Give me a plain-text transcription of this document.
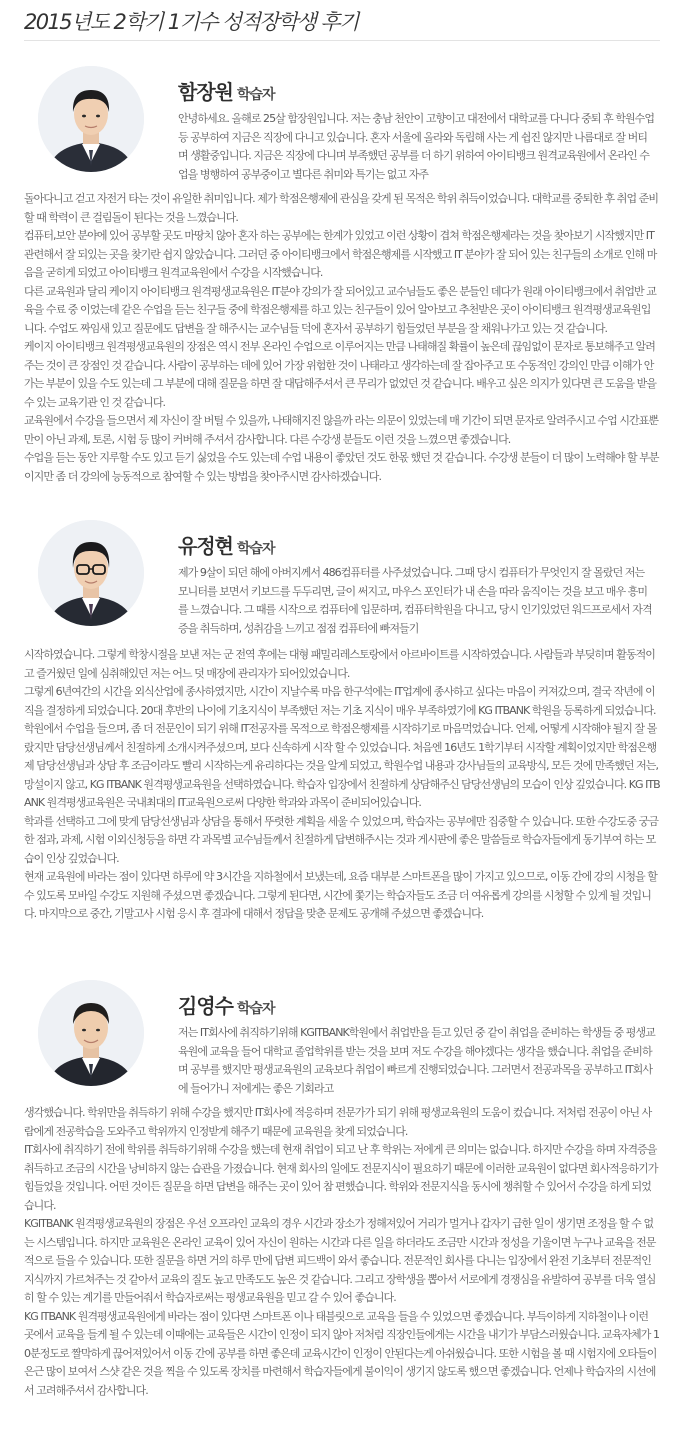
2015년도 2학기 1기수 성적장학생 후기

함장원 학습자

안녕하세요. 올해로 25살 함장원입니다. 저는 충남 천안이 고향이고 대전에서 대학교를 다니다 중퇴 후 학원수업 등 공부하여 지금은 직장에 다니고 있습니다. 혼자 서울에 올라와 독립해 사는 게 쉽진 않지만 나름대로 잘 버티며 생활중입니다. 지금은 직장에 다니며 부족했던 공부를 더 하기 위하여 아이티뱅크 원격교육원에서 온라인 수업을 병행하여 공부중이고 별다른 취미와 특기는 없고 자주

돌아다니고 걷고 자전거 타는 것이 유일한 취미입니다. 제가 학점은행제에 관심을 갖게 된 목적은 학위 취득이었습니다. 대학교를 중퇴한 후 취업 준비할 때 학력이 큰 걸림돌이 된다는 것을 느꼈습니다.
컴퓨터,보안 분야에 있어 공부할 곳도 마땅치 않아 혼자 하는 공부에는 한계가 있었고 이런 상황이 겹쳐 학점은행제라는 것을 찾아보기 시작했지만 IT 관련해서 잘 되있는 곳을 찾기란 쉽지 않았습니다. 그러던 중 아이티뱅크에서 학점은행제를 시작했고 IT 분야가 잘 되어 있는 친구들의 소개로 인해 마음을 굳히게 되었고 아이티뱅크 원격교육원에서 수강을 시작했습니다.
다른 교육원과 달리 케이지 아이티뱅크 원격평생교육원은 IT분야 강의가 잘 되어있고 교수님들도 좋은 분들인 데다가 원래 아이티뱅크에서 취업반 교육을 수료 중 이었는데 같은 수업을 듣는 친구들 중에 학점은행제를 하고 있는 친구들이 있어 알아보고 추천받은 곳이 아이티뱅크 원격평생교육원입니다. 수업도 짜임새 있고 질문에도 답변을 잘 해주시는 교수님들 덕에 혼자서 공부하기 힘들었던 부분을 잘 채워나가고 있는 것 같습니다.
케이지 아이티뱅크 원격평생교육원의 장점은 역시 전부 온라인 수업으로 이루어지는 만큼 나태해질 확률이 높은데 끊임없이 문자로 통보해주고 알려주는 것이 큰 장점인 것 같습니다. 사람이 공부하는 데에 있어 가장 위험한 것이 나태라고 생각하는데 잘 잡아주고 또 수동적인 강의인 만큼 이해가 안가는 부분이 있을 수도 있는데 그 부분에 대해 질문을 하면 잘 대답해주셔서 큰 무리가 없었던 것 같습니다. 배우고 싶은 의지가 있다면 큰 도움을 받을 수 있는 교육기관 인 것 같습니다.
교육원에서 수강을 들으면서 제 자신이 잘 버틸 수 있을까, 나태해지진 않을까 라는 의문이 있었는데 매 기간이 되면 문자로 알려주시고 수업 시간표뿐만이 아닌 과제, 토론, 시험 등 많이 커버해 주셔서 감사합니다. 다른 수강생 분들도 이런 것을 느꼈으면 좋겠습니다.
수업을 듣는 동안 지루할 수도 있고 듣기 싫었을 수도 있는데 수업 내용이 좋았던 것도 한몫 했던 것 같습니다. 수강생 분들이 더 많이 노력해야 할 부분이지만 좀 더 강의에 능동적으로 참여할 수 있는 방법을 찾아주시면 감사하겠습니다.

유정현 학습자

제가 9살이 되던 해에 아버지께서 486컴퓨터를 사주셨었습니다. 그때 당시 컴퓨터가 무엇인지 잘 몰랐던 저는 모니터를 보면서 키보드를 두두리면, 글이 써지고, 마우스 포인터가 내 손을 따라 움직이는 것을 보고 매우 흥미를 느꼈습니다. 그 때를 시작으로 컴퓨터에 입문하며, 컴퓨터학원을 다니고, 당시 인기있었던 워드프로세서 자격증을 취득하며, 성취감을 느끼고 점점 컴퓨터에 빠져들기

시작하였습니다. 그렇게 학창시절을 보낸 저는 군 전역 후에는 대형 패밀리레스토랑에서 아르바이트를 시작하였습니다. 사람들과 부딪히며 활동적이고 즐거웠던 일에 심취해있던 저는 어느 덧 매장에 관리자가 되어있었습니다.
그렇게 6년여간의 시간을 외식산업에 종사하였지만, 시간이 지날수록 마음 한구석에는 IT업계에 종사하고 싶다는 마음이 커져갔으며, 결국 작년에 이직을 결정하게 되었습니다. 20대 후반의 나이에 기초지식이 부족했던 저는 기초 지식이 매우 부족하였기에 KG ITBANK 학원을 등록하게 되었습니다. 학원에서 수업을 들으며, 좀 더 전문인이 되기 위해 IT전공자를 목적으로 학점은행제를 시작하기로 마음먹었습니다. 언제, 어떻게 시작해야 될지 잘 몰랐지만 담당선생님께서 친절하게 소개시켜주셨으며, 보다 신속하게 시작 할 수 있었습니다. 처음엔 16년도 1학기부터 시작할 계획이었지만 학점은행제 담당선생님과 상담 후 조금이라도 빨리 시작하는게 유리하다는 것을 알게 되었고, 학원수업 내용과 강사님들의 교육방식, 모든 것에 만족했던 저는, 망설이지 않고, KG ITBANK 원격평생교육원을 선택하였습니다. 학습자 입장에서 친절하게 상담해주신 담당선생님의 모습이 인상 깊었습니다. KG ITBANK 원격평생교육원은 국내최대의 IT교육원으로써 다양한 학과와 과목이 준비되어있습니다.
학과를 선택하고 그에 맞게 담당선생님과 상담을 통해서 뚜렷한 계획을 세울 수 있었으며, 학습자는 공부에만 집중할 수 있습니다. 또한 수강도중 궁금한 점과, 과제, 시험 이외신청등을 하면 각 과목별 교수님들께서 친절하게 답변해주시는 것과 게시판에 좋은 말씀들로 학습자들에게 동기부여 하는 모습이 인상 깊었습니다.
현재 교육원에 바라는 점이 있다면 하루에 약 3시간을 지하철에서 보냈는데, 요즘 대부분 스마트폰을 많이 가지고 있으므로, 이동 간에 강의 시청을 할 수 있도록 모바일 수강도 지원해 주셨으면 좋겠습니다. 그렇게 된다면, 시간에 쫓기는 학습자들도 조금 더 여유롭게 강의를 시청할 수 있게 될 것입니다. 마지막으로 중간, 기말고사 시험 응시 후 결과에 대해서 정답을 맞춘 문제도 공개해 주셨으면 좋겠습니다.

김영수 학습자

저는 IT회사에 취직하기위해 KGITBANK학원에서 취업반을 듣고 있던 중 같이 취업을 준비하는 학생들 중 평생교육원에 교육을 들어 대학교 졸업학위를 받는 것을 보며 저도 수강을 해야겠다는 생각을 했습니다. 취업을 준비하며 공부를 했지만 평생교육원의 교육보다 취업이 빠르게 진행되었습니다. 그러면서 전공과목을 공부하고 IT회사에 들어가니 저에게는 좋은 기회라고

생각했습니다. 학위만을 취득하기 위해 수강을 했지만 IT회사에 적응하며 전문가가 되기 위해 평생교육원의 도움이 컸습니다. 저처럼 전공이 아닌 사람에게 전공학습을 도와주고 학위까지 인정받게 해주기 때문에 교육원을 찾게 되었습니다.
IT회사에 취직하기 전에 학위를 취득하기위해 수강을 했는데 현재 취업이 되고 난 후 학위는 저에게 큰 의미는 없습니다. 하지만 수강을 하며 자격증을 취득하고 조금의 시간을 낭비하지 않는 습관을 가졌습니다. 현재 회사의 일에도 전문지식이 필요하기 때문에 이러한 교육원이 없다면 회사적응하기가 힘들었을 것입니다. 어떤 것이든 질문을 하면 답변을 해주는 곳이 있어 참 편했습니다. 학위와 전문지식을 동시에 챙취할 수 있어서 수강을 하게 되었습니다.
KGITBANK 원격평생교육원의 장점은 우선 오프라인 교육의 경우 시간과 장소가 정해져있어 거리가 멀거나 갑자기 급한 일이 생기면 조정을 할 수 없는 시스템입니다. 하지만 교육원은 온라인 교육이 있어 자신이 원하는 시간과 다른 일을 하더라도 조금만 시간과 정성을 기울이면 누구나 교육을 전문적으로 들을 수 있습니다. 또한 질문을 하면 거의 하루 만에 답변 피드백이 와서 좋습니다. 전문적인 회사를 다니는 입장에서 완전 기초부터 전문적인 지식까지 가르쳐주는 것 같아서 교육의 질도 높고 만족도도 높은 것 같습니다. 그리고 장학생을 뽑아서 서로에게 경쟁심을 유발하여 공부를 더욱 열심히 할 수 있는 계기를 만들어줘서 학습자로써는 평생교육원을 믿고 갈 수 있어 좋습니다.
KG ITBANK 원격평생교육원에게 바라는 점이 있다면 스마트폰 이나 태블릿으로 교육을 들을 수 있었으면 좋겠습니다. 부득이하게 지하철이나 이런 곳에서 교육을 들게 될 수 있는데 이때에는 교육들은 시간이 인정이 되지 않아 저처럼 직장인들에게는 시간을 내기가 부담스러웠습니다. 교육자체가 10분정도로 짤막하게 끊어져있어서 이동 간에 공부를 하면 좋은데 교육시간이 인정이 안된다는게 아쉬웠습니다. 또한 시험을 볼 때 시험지에 오타들이 은근 많이 보여서 스샷 같은 것을 찍을 수 있도록 장치를 마련해서 학습자들에게 불이익이 생기지 않도록 했으면 좋겠습니다. 언제나 학습자의 시선에서 고려해주셔서 감사합니다.
